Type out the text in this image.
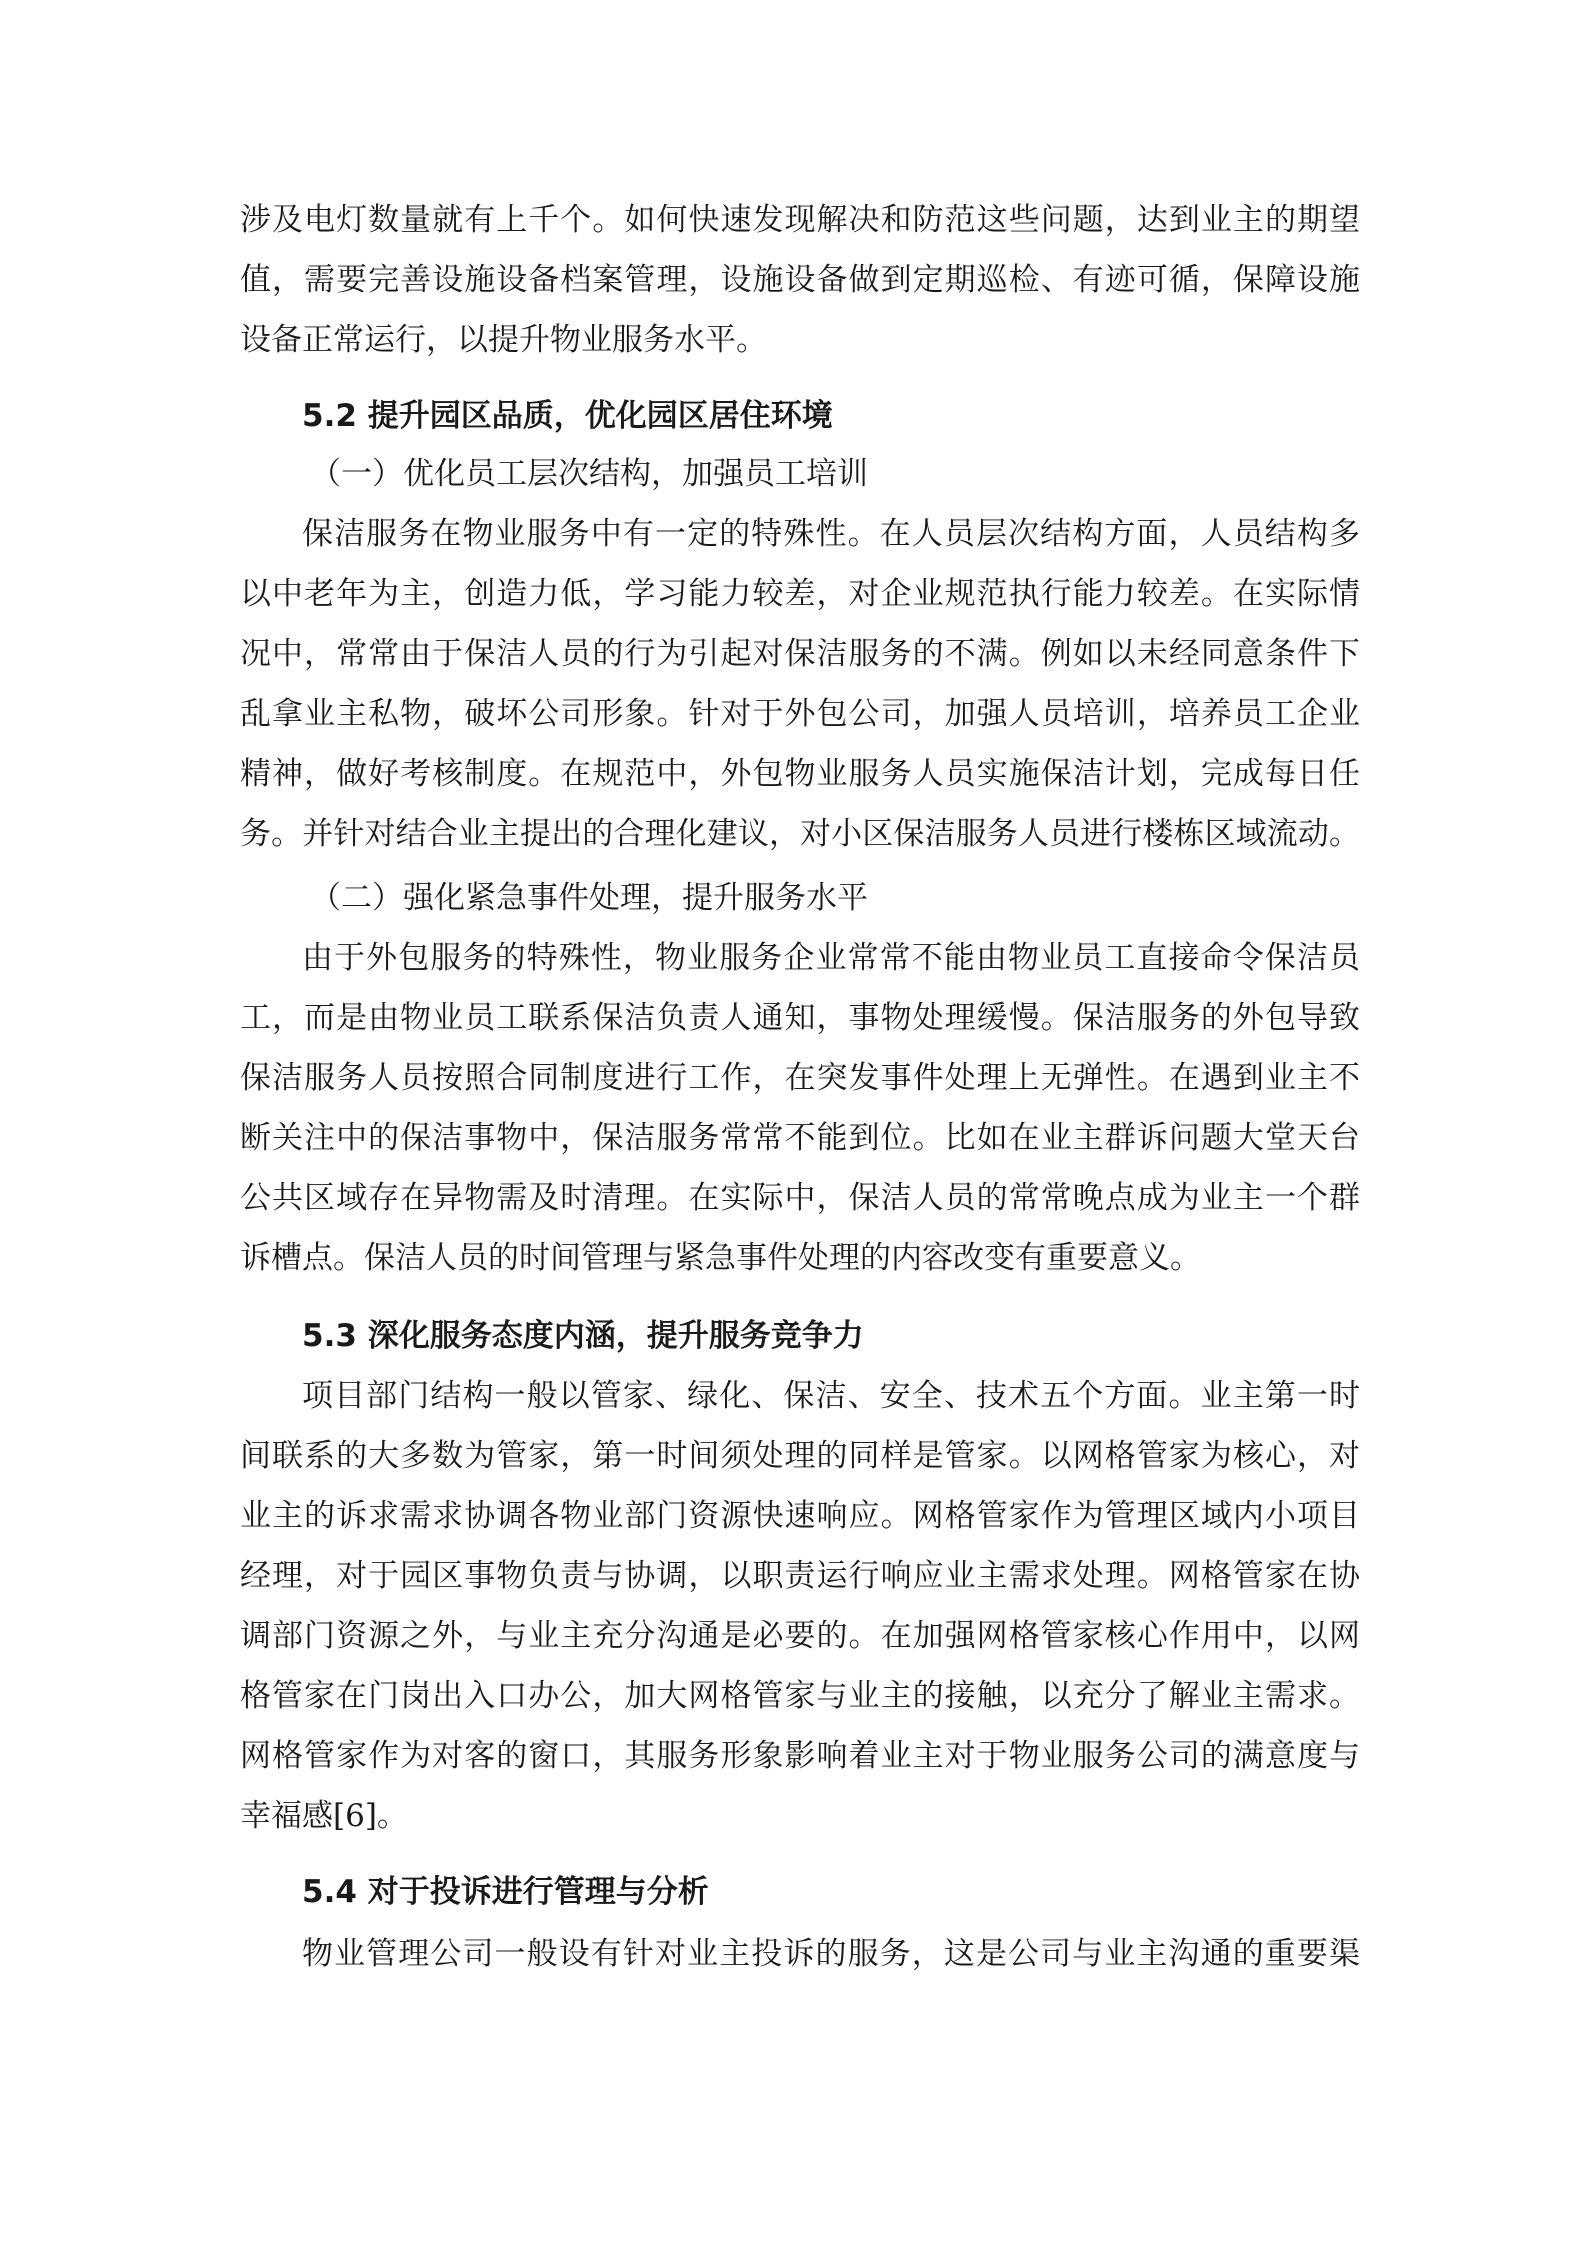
涉及电灯数量就有上千个。如何快速发现解决和防范这些问题，达到业主的期望

值，需要完善设施设备档案管理，设施设备做到定期巡检、有迹可循，保障设施

设备正常运行，以提升物业服务水平。

5.2 提升园区品质，优化园区居住环境

（一）优化员工层次结构，加强员工培训

保洁服务在物业服务中有一定的特殊性。在人员层次结构方面，人员结构多

以中老年为主，创造力低，学习能力较差，对企业规范执行能力较差。在实际情

况中，常常由于保洁人员的行为引起对保洁服务的不满。例如以未经同意条件下

乱拿业主私物，破坏公司形象。针对于外包公司，加强人员培训，培养员工企业

精神，做好考核制度。在规范中，外包物业服务人员实施保洁计划，完成每日任

务。并针对结合业主提出的合理化建议，对小区保洁服务人员进行楼栋区域流动。

（二）强化紧急事件处理，提升服务水平

由于外包服务的特殊性，物业服务企业常常不能由物业员工直接命令保洁员

工，而是由物业员工联系保洁负责人通知，事物处理缓慢。保洁服务的外包导致

保洁服务人员按照合同制度进行工作，在突发事件处理上无弹性。在遇到业主不

断关注中的保洁事物中，保洁服务常常不能到位。比如在业主群诉问题大堂天台

公共区域存在异物需及时清理。在实际中，保洁人员的常常晚点成为业主一个群

诉槽点。保洁人员的时间管理与紧急事件处理的内容改变有重要意义。

5.3 深化服务态度内涵，提升服务竞争力

项目部门结构一般以管家、绿化、保洁、安全、技术五个方面。业主第一时

间联系的大多数为管家，第一时间须处理的同样是管家。以网格管家为核心，对

业主的诉求需求协调各物业部门资源快速响应。网格管家作为管理区域内小项目

经理，对于园区事物负责与协调，以职责运行响应业主需求处理。网格管家在协

调部门资源之外，与业主充分沟通是必要的。在加强网格管家核心作用中，以网

格管家在门岗出入口办公，加大网格管家与业主的接触，以充分了解业主需求。

网格管家作为对客的窗口，其服务形象影响着业主对于物业服务公司的满意度与

幸福感[6]。

5.4 对于投诉进行管理与分析

物业管理公司一般设有针对业主投诉的服务，这是公司与业主沟通的重要渠
